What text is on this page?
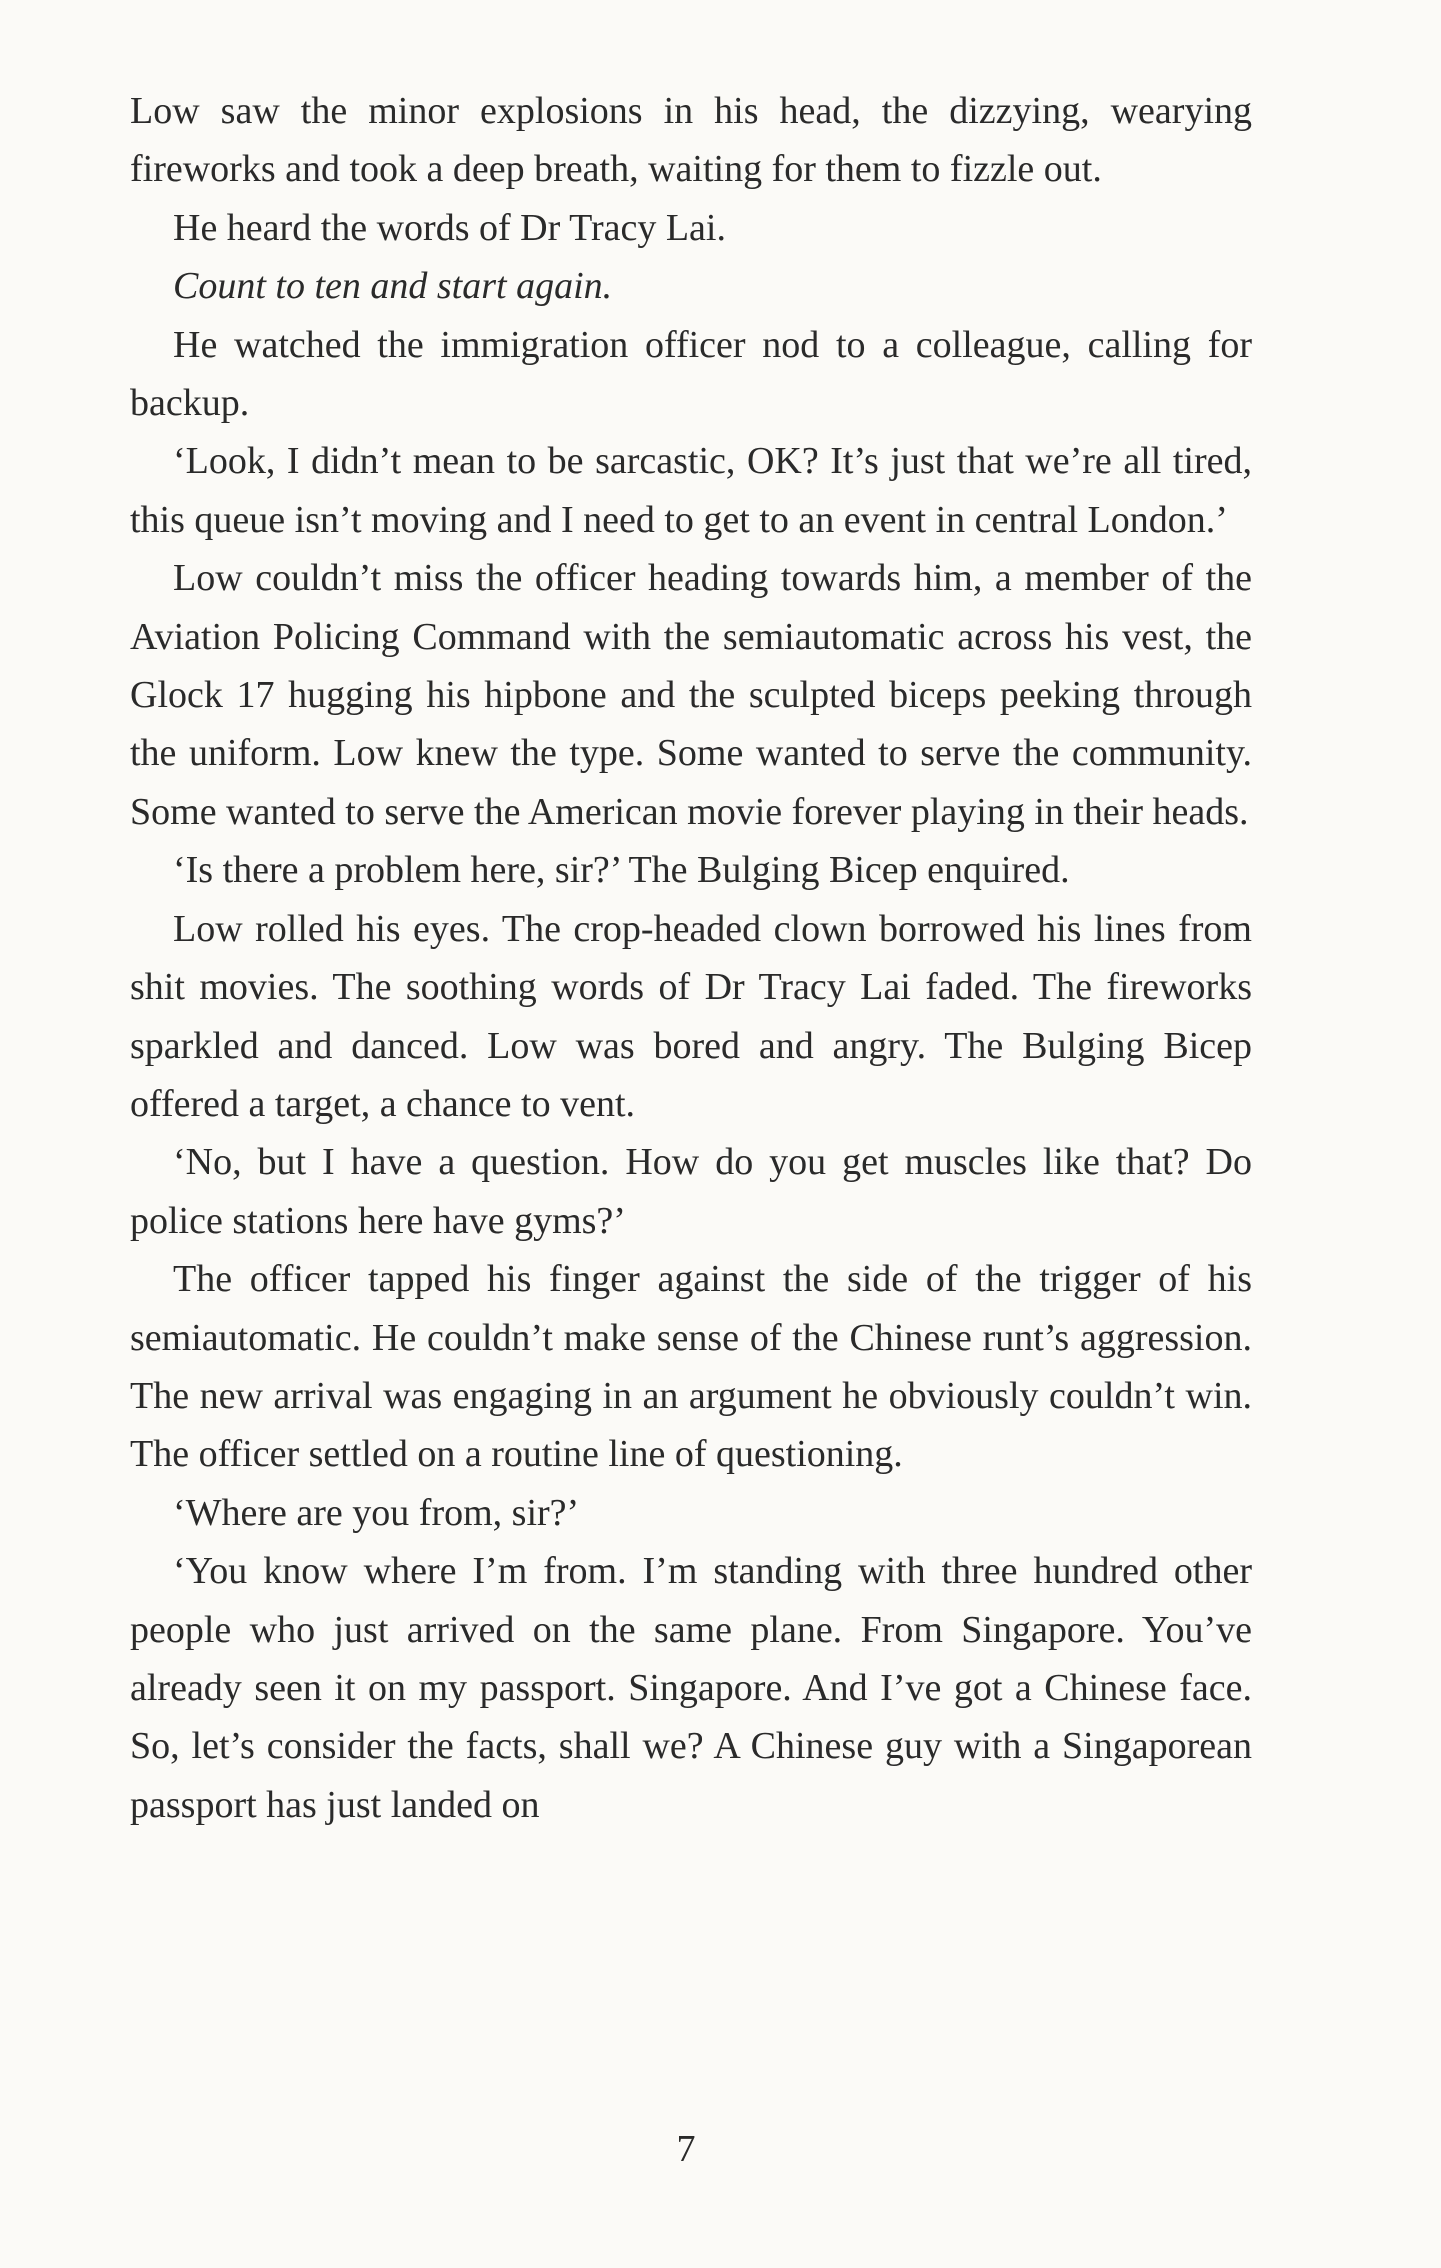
Low saw the minor explosions in his head, the dizzying, wearying fireworks and took a deep breath, waiting for them to fizzle out.

He heard the words of Dr Tracy Lai.

Count to ten and start again.

He watched the immigration officer nod to a colleague, calling for backup.

‘Look, I didn’t mean to be sarcastic, OK? It’s just that we’re all tired, this queue isn’t moving and I need to get to an event in central London.’

Low couldn’t miss the officer heading towards him, a member of the Aviation Policing Command with the semiautomatic across his vest, the Glock 17 hugging his hipbone and the sculpted biceps peeking through the uniform. Low knew the type. Some wanted to serve the community. Some wanted to serve the American movie forever playing in their heads.

‘Is there a problem here, sir?’ The Bulging Bicep enquired.

Low rolled his eyes. The crop-headed clown borrowed his lines from shit movies. The soothing words of Dr Tracy Lai faded. The fireworks sparkled and danced. Low was bored and angry. The Bulging Bicep offered a target, a chance to vent.

‘No, but I have a question. How do you get muscles like that? Do police stations here have gyms?’

The officer tapped his finger against the side of the trigger of his semiautomatic. He couldn’t make sense of the Chinese runt’s aggression. The new arrival was engaging in an argument he obviously couldn’t win. The officer settled on a routine line of questioning.

‘Where are you from, sir?’

‘You know where I’m from. I’m standing with three hundred other people who just arrived on the same plane. From Singapore. You’ve already seen it on my passport. Singapore. And I’ve got a Chinese face. So, let’s consider the facts, shall we? A Chinese guy with a Singaporean passport has just landed on

7
